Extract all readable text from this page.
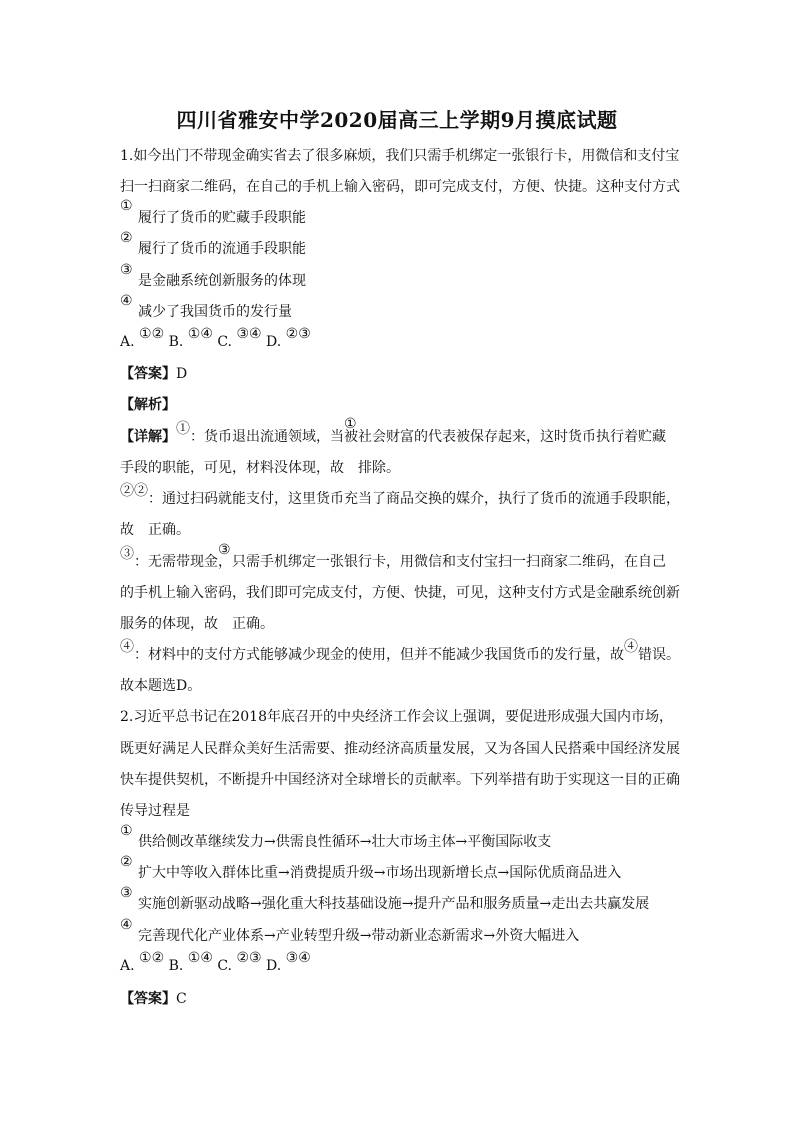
四川省雅安中学2020届高三上学期9月摸底试题
1.如今出门不带现金确实省去了很多麻烦，我们只需手机绑定一张银行卡，用微信和支付宝
扫一扫商家二维码，在自己的手机上输入密码，即可完成支付，方便、快捷。这种支付方式
①
履行了货币的贮藏手段职能
②
履行了货币的流通手段职能
③
是金融系统创新服务的体现
④
减少了我国货币的发行量
A. ①② B. ①④ C. ③④ D. ②③
【答案】D
【解析】
【详解】①：货币退出流通领域，当被社会财富的代表被保存起来，这时货币执行着贮藏
①
手段的职能，可见，材料没体现，故　排除。
②②：通过扫码就能支付，这里货币充当了商品交换的媒介，执行了货币的流通手段职能，
故　正确。
③：无需带现金，只需手机绑定一张银行卡，用微信和支付宝扫一扫商家二维码，在自己
③
的手机上输入密码，我们即可完成支付，方便、快捷，可见，这种支付方式是金融系统创新
服务的体现，故　正确。
④：材料中的支付方式能够减少现金的使用，但并不能减少我国货币的发行量，故④错误。
故本题选D。
2.习近平总书记在2018年底召开的中央经济工作会议上强调，要促进形成强大国内市场，
既更好满足人民群众美好生活需要、推动经济高质量发展，又为各国人民搭乘中国经济发展
快车提供契机，不断提升中国经济对全球增长的贡献率。下列举措有助于实现这一目的正确
传导过程是
①
供给侧改革继续发力→供需良性循环→壮大市场主体→平衡国际收支
②
扩大中等收入群体比重→消费提质升级→市场出现新增长点→国际优质商品进入
③
实施创新驱动战略→强化重大科技基础设施→提升产品和服务质量→走出去共赢发展
④
完善现代化产业体系→产业转型升级→带动新业态新需求→外资大幅进入
A. ①② B. ①④ C. ②③ D. ③④
【答案】C
